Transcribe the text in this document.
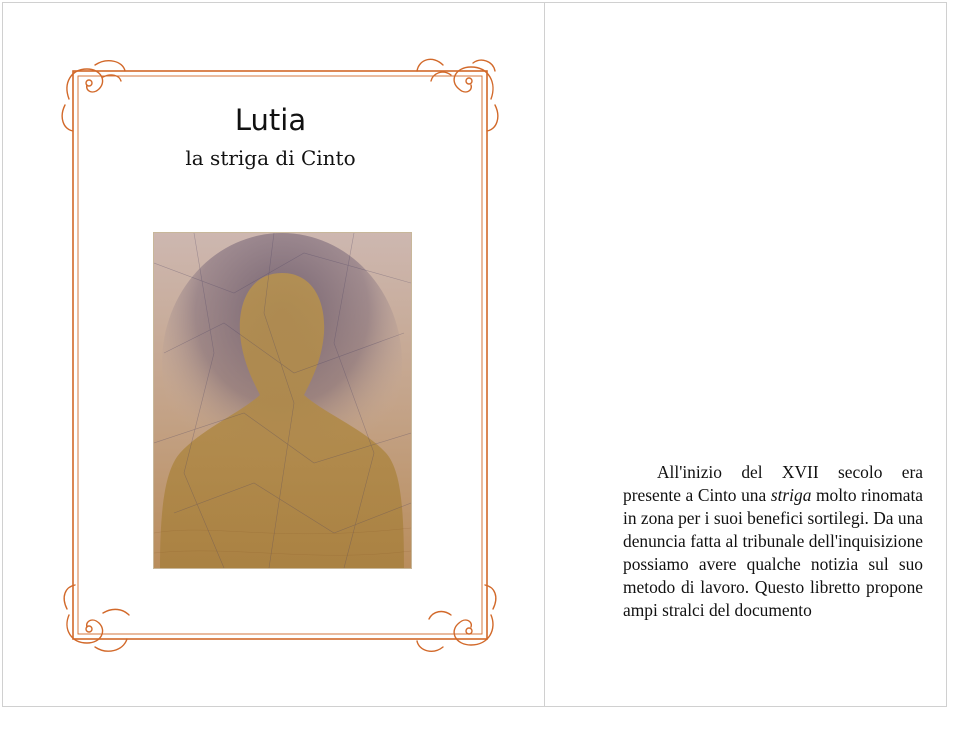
Lutia
la striga di Cinto

All'inizio del XVII secolo era presente a Cinto una striga molto rinomata in zona per i suoi benefici sortilegi. Da una denuncia fatta al tribunale dell'inquisizione possiamo avere qualche notizia sul suo metodo di lavoro. Questo libretto propone ampi stralci del documento
